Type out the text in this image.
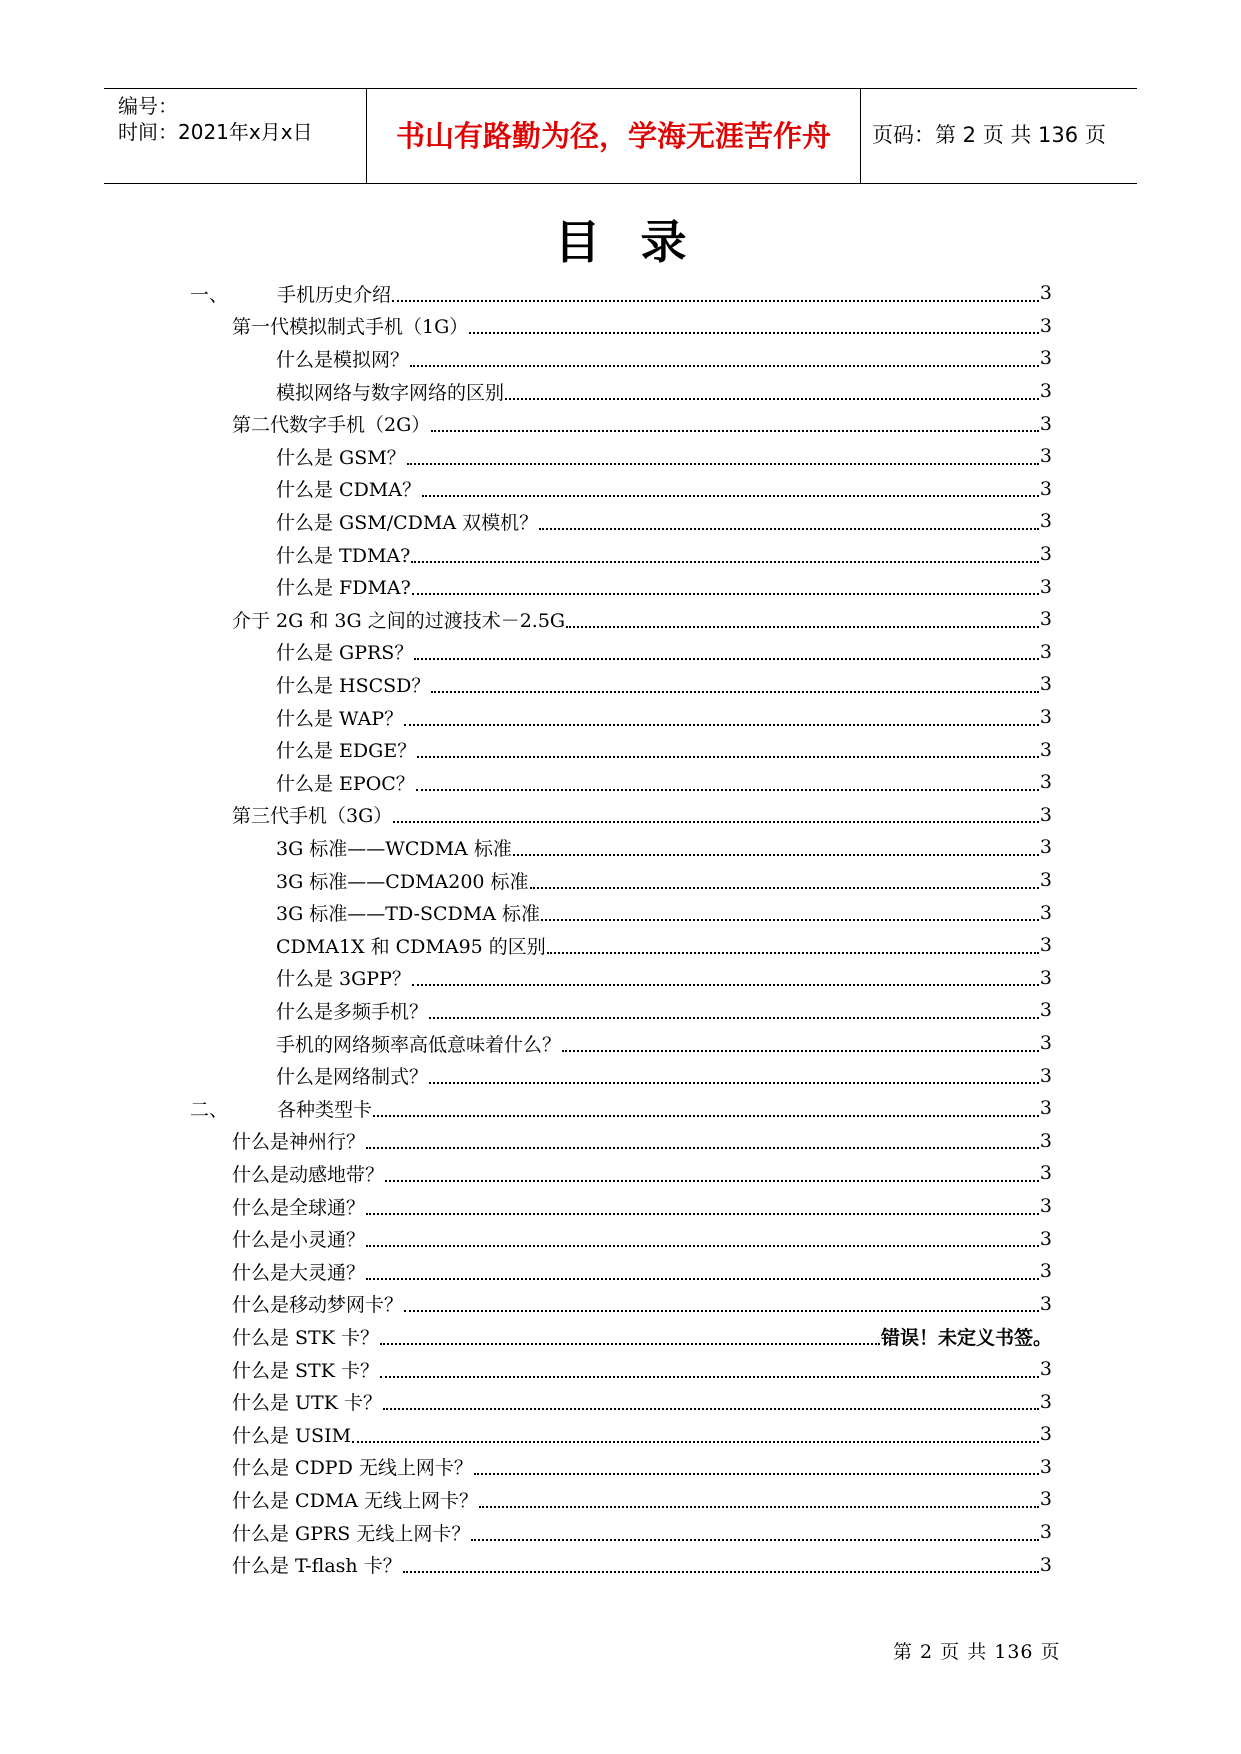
编号：
时间：2021年x月x日	书山有路勤为径，学海无涯苦作舟	页码：第 2 页 共 136 页
目录
一、	手机历史介绍	3
第一代模拟制式手机（1G）	3
什么是模拟网？	3
模拟网络与数字网络的区别	3
第二代数字手机（2G）	3
什么是 GSM？	3
什么是 CDMA？	3
什么是 GSM/CDMA 双模机？	3
什么是 TDMA?	3
什么是 FDMA?	3
介于 2G 和 3G 之间的过渡技术－2.5G	3
什么是 GPRS？	3
什么是 HSCSD？	3
什么是 WAP？	3
什么是 EDGE？	3
什么是 EPOC？	3
第三代手机（3G）	3
3G 标准——WCDMA 标准	3
3G 标准——CDMA200 标准	3
3G 标准——TD-SCDMA 标准	3
CDMA1X 和 CDMA95 的区别	3
什么是 3GPP？	3
什么是多频手机？	3
手机的网络频率高低意味着什么？	3
什么是网络制式？	3
二、	各种类型卡	3
什么是神州行？	3
什么是动感地带？	3
什么是全球通？	3
什么是小灵通？	3
什么是大灵通？	3
什么是移动梦网卡？	3
什么是 STK 卡？	错误！未定义书签。
什么是 STK 卡？	3
什么是 UTK 卡？	3
什么是 USIM	3
什么是 CDPD 无线上网卡？	3
什么是 CDMA 无线上网卡？	3
什么是 GPRS 无线上网卡？	3
什么是 T-flash 卡？	3
第 2 页 共 136 页
